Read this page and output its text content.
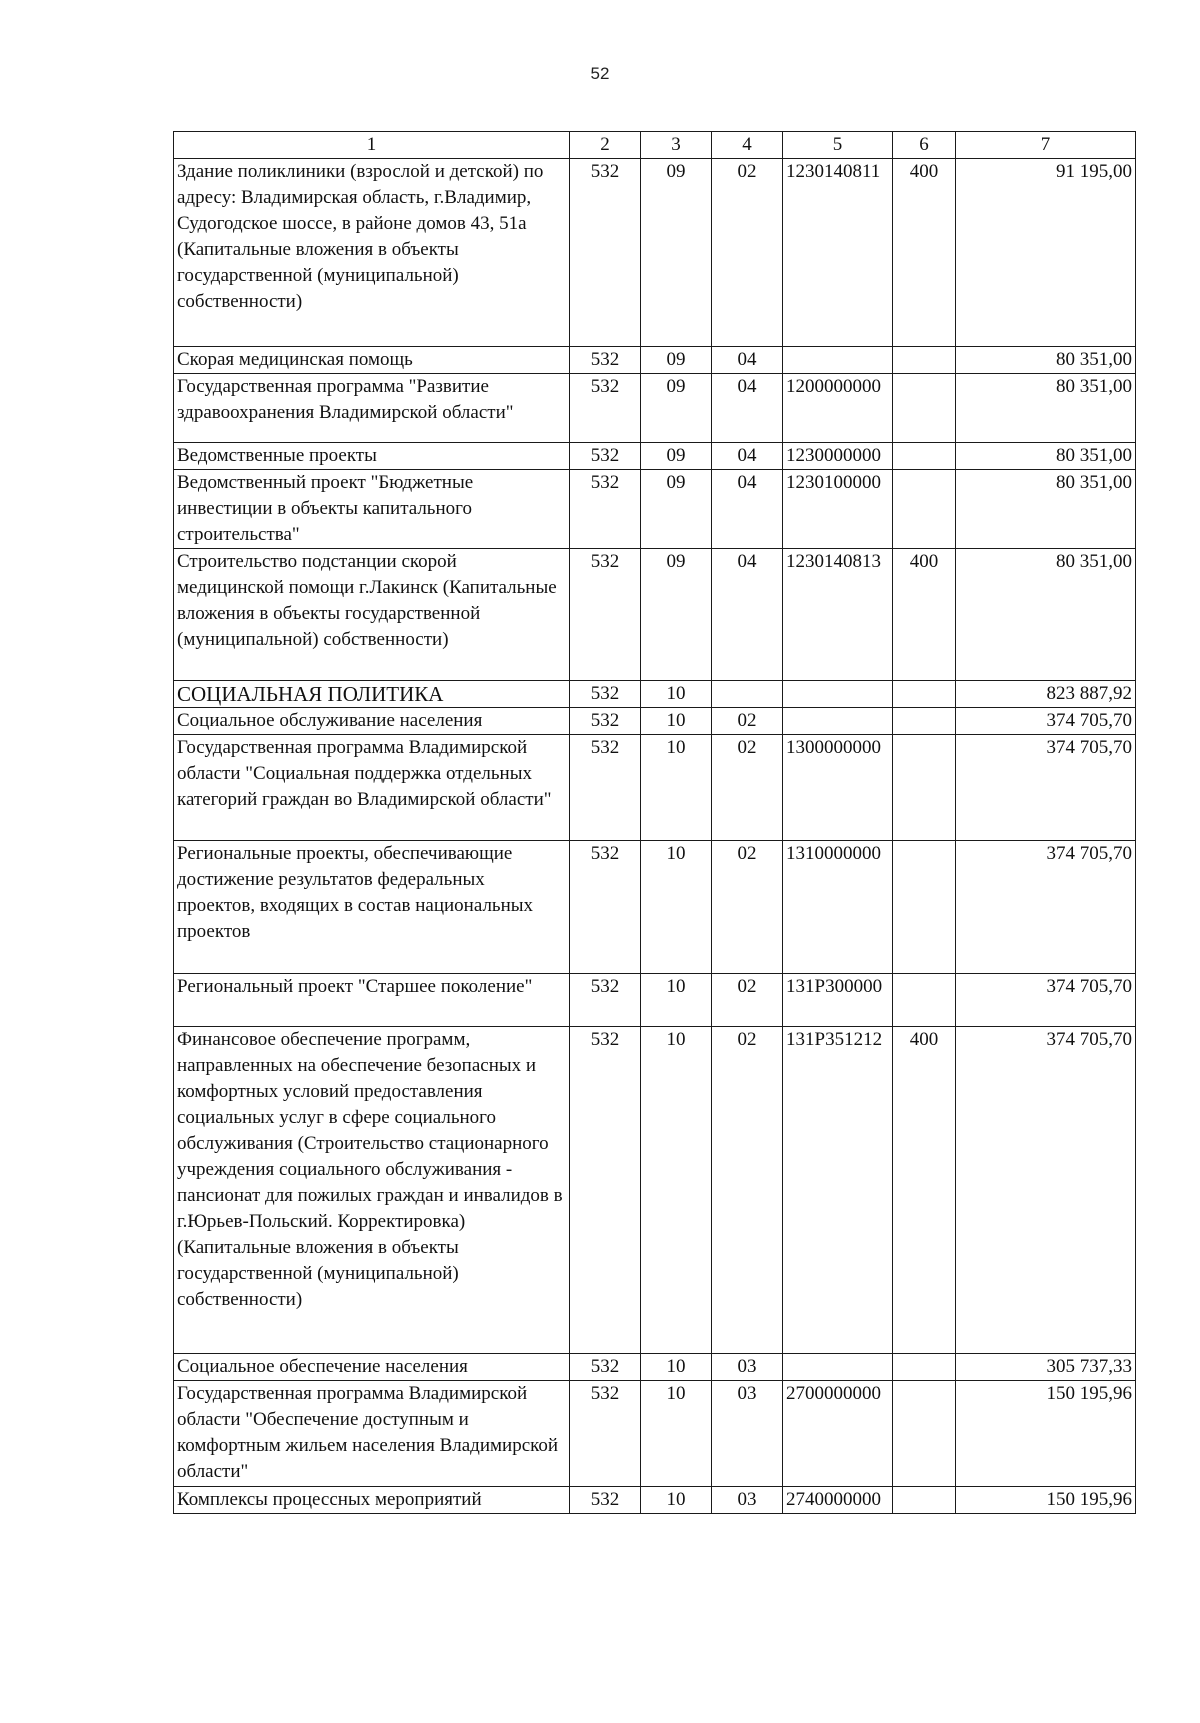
52
1	2	3	4	5	6	7
Здание поликлиники (взрослой и детской) по адресу: Владимирская область, г.Владимир, Судогодское шоссе, в районе домов 43, 51а (Капитальные вложения в объекты государственной (муниципальной) собственности)	532	09	02	1230140811	400	91 195,00
Скорая медицинская помощь	532	09	04			80 351,00
Государственная программа "Развитие здравоохранения Владимирской области"	532	09	04	1200000000		80 351,00
Ведомственные проекты	532	09	04	1230000000		80 351,00
Ведомственный проект "Бюджетные инвестиции в объекты капитального строительства"	532	09	04	1230100000		80 351,00
Строительство подстанции скорой медицинской помощи г.Лакинск (Капитальные вложения в объекты государственной (муниципальной) собственности)	532	09	04	1230140813	400	80 351,00
СОЦИАЛЬНАЯ ПОЛИТИКА	532	10				823 887,92
Социальное обслуживание населения	532	10	02			374 705,70
Государственная программа Владимирской области "Социальная поддержка отдельных категорий граждан во Владимирской области"	532	10	02	1300000000		374 705,70
Региональные проекты, обеспечивающие достижение результатов федеральных проектов, входящих в состав национальных проектов	532	10	02	1310000000		374 705,70
Региональный проект "Старшее поколение"	532	10	02	131Р300000		374 705,70
Финансовое обеспечение программ, направленных на обеспечение безопасных и комфортных условий предоставления социальных услуг в сфере социального обслуживания (Строительство стационарного учреждения социального обслуживания - пансионат для пожилых граждан и инвалидов в г.Юрьев-Польский. Корректировка) (Капитальные вложения в объекты государственной (муниципальной) собственности)	532	10	02	131Р351212	400	374 705,70
Социальное обеспечение населения	532	10	03			305 737,33
Государственная программа Владимирской области "Обеспечение доступным и комфортным жильем населения Владимирской области"	532	10	03	2700000000		150 195,96
Комплексы процессных мероприятий	532	10	03	2740000000		150 195,96
